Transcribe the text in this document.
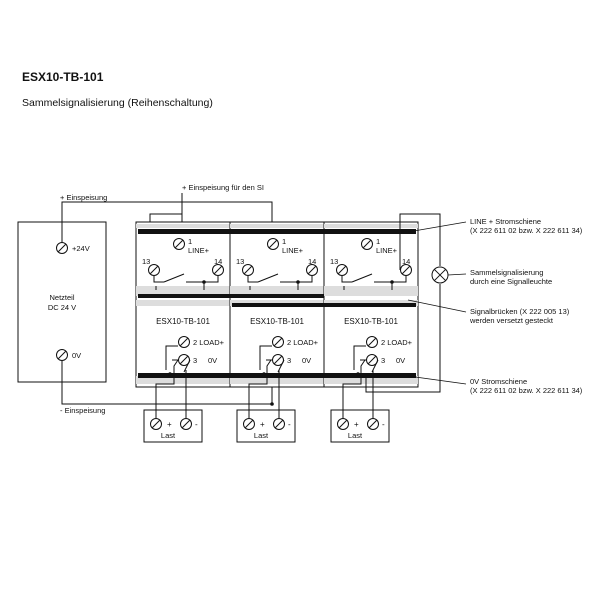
ESX10-TB-101
Sammelsignalisierung (Reihenschaltung)
+24V
0V
Netzteil
DC 24 V
+ Einspeisung
+ Einspeisung für den SI
- Einspeisung
1
LINE+
13	14
ESX10-TB-101
2 LOAD+
3 0V
1
LINE+
13	14
ESX10-TB-101
2 LOAD+
3 0V
1
LINE+
13	14
ESX10-TB-101
2 LOAD+
3 0V
+	-
Last
+	-
Last
+	-
Last
LINE + Stromschiene
(X 222 611 02 bzw. X 222 611 34)
Sammelsignalisierung
durch eine Signalleuchte
Signalbrücken (X 222 005 13)
werden versetzt gesteckt
0V Stromschiene
(X 222 611 02 bzw. X 222 611 34)
